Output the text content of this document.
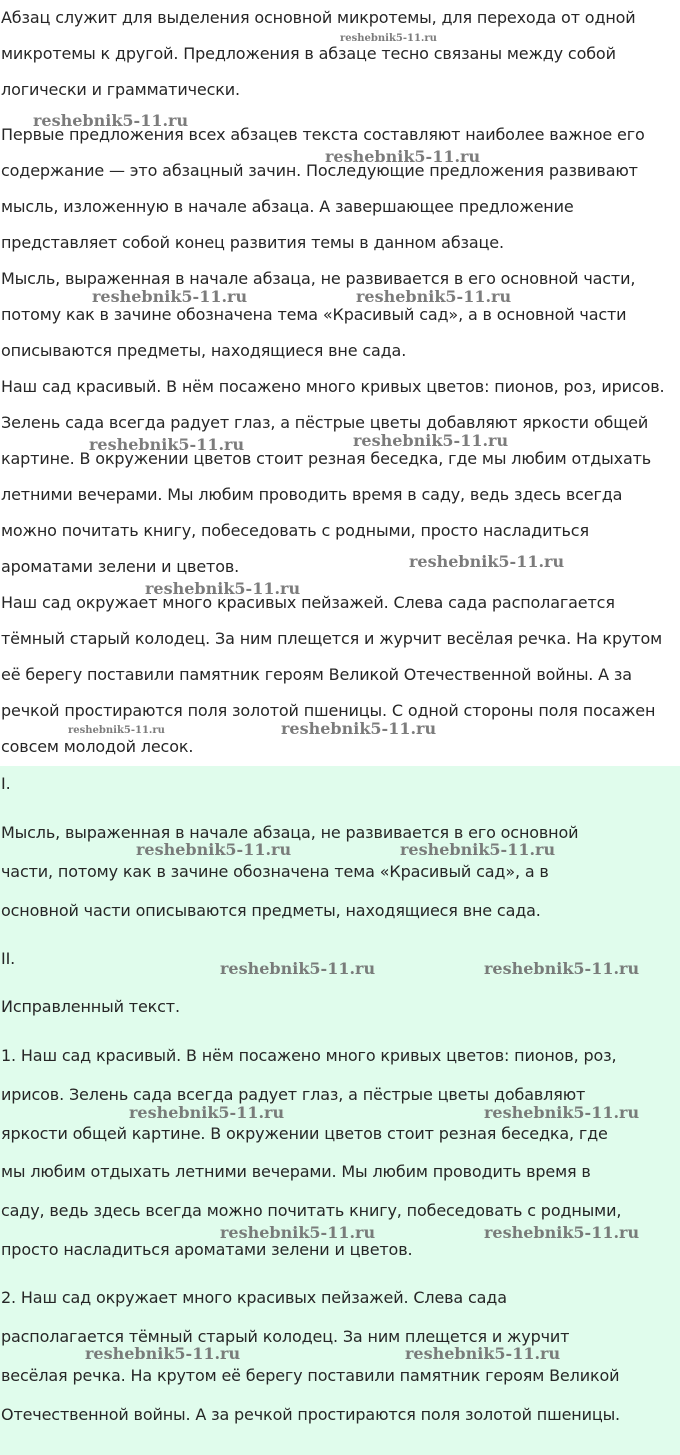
Абзац служит для выделения основной микротемы, для перехода от одной
микротемы к другой. Предложения в абзаце тесно связаны между собой
логически и грамматически.
Первые предложения всех абзацев текста составляют наиболее важное его
содержание — это абзацный зачин. Последующие предложения развивают
мысль, изложенную в начале абзаца. А завершающее предложение
представляет собой конец развития темы в данном абзаце.
Мысль, выраженная в начале абзаца, не развивается в его основной части,
потому как в зачине обозначена тема «Красивый сад», а в основной части
описываются предметы, находящиеся вне сада.
Наш сад красивый. В нём посажено много кривых цветов: пионов, роз, ирисов.
Зелень сада всегда радует глаз, а пёстрые цветы добавляют яркости общей
картине. В окружении цветов стоит резная беседка, где мы любим отдыхать
летними вечерами. Мы любим проводить время в саду, ведь здесь всегда
можно почитать книгу, побеседовать с родными, просто насладиться
ароматами зелени и цветов.
Наш сад окружает много красивых пейзажей. Слева сада располагается
тёмный старый колодец. За ним плещется и журчит весёлая речка. На крутом
её берегу поставили памятник героям Великой Отечественной войны. А за
речкой простираются поля золотой пшеницы. С одной стороны поля посажен
совсем молодой лесок.
I.
Мысль, выраженная в начале абзаца, не развивается в его основной
части, потому как в зачине обозначена тема «Красивый сад», а в
основной части описываются предметы, находящиеся вне сада.
II.
Исправленный текст.
1. Наш сад красивый. В нём посажено много кривых цветов: пионов, роз,
ирисов. Зелень сада всегда радует глаз, а пёстрые цветы добавляют
яркости общей картине. В окружении цветов стоит резная беседка, где
мы любим отдыхать летними вечерами. Мы любим проводить время в
саду, ведь здесь всегда можно почитать книгу, побеседовать с родными,
просто насладиться ароматами зелени и цветов.
2. Наш сад окружает много красивых пейзажей. Слева сада
располагается тёмный старый колодец. За ним плещется и журчит
весёлая речка. На крутом её берегу поставили памятник героям Великой
Отечественной войны. А за речкой простираются поля золотой пшеницы.
reshebnik5-11.ru
reshebnik5-11.ru
reshebnik5-11.ru
reshebnik5-11.ru	reshebnik5-11.ru
reshebnik5-11.ru	reshebnik5-11.ru
reshebnik5-11.ru
reshebnik5-11.ru
reshebnik5-11.ru	reshebnik5-11.ru
reshebnik5-11.ru	reshebnik5-11.ru
reshebnik5-11.ru	reshebnik5-11.ru
reshebnik5-11.ru	reshebnik5-11.ru
reshebnik5-11.ru	reshebnik5-11.ru
reshebnik5-11.ru	reshebnik5-11.ru
